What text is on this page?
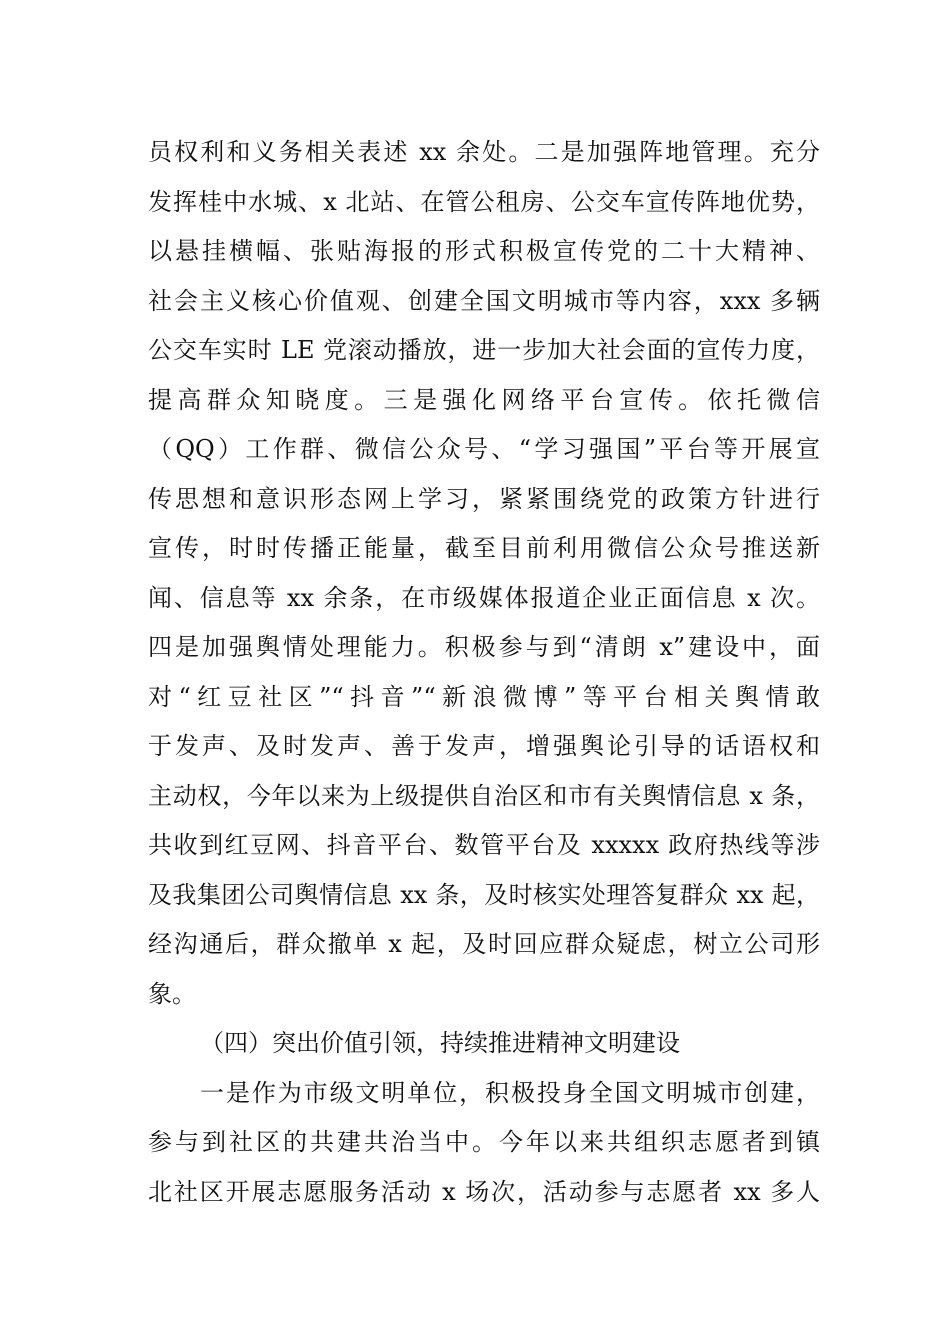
员权利和义务相关表述 xx 余处。二是加强阵地管理。充分
发挥桂中水城、x 北站、在管公租房、公交车宣传阵地优势，
以悬挂横幅、张贴海报的形式积极宣传党的二十大精神、
社会主义核心价值观、创建全国文明城市等内容，xxx 多辆
公交车实时 LE 党滚动播放，进一步加大社会面的宣传力度，
提高群众知晓度。三是强化网络平台宣传。依托微信
（QQ）工作群、微信公众号、“学习强国”平台等开展宣
传思想和意识形态网上学习，紧紧围绕党的政策方针进行
宣传，时时传播正能量，截至目前利用微信公众号推送新
闻、信息等 xx 余条，在市级媒体报道企业正面信息 x 次。
四是加强舆情处理能力。积极参与到“清朗 x”建设中，面
对“红豆社区”“抖音”“新浪微博”等平台相关舆情敢
于发声、及时发声、善于发声，增强舆论引导的话语权和
主动权，今年以来为上级提供自治区和市有关舆情信息 x 条，
共收到红豆网、抖音平台、数管平台及 xxxxx 政府热线等涉
及我集团公司舆情信息 xx 条，及时核实处理答复群众 xx 起，
经沟通后，群众撤单 x 起，及时回应群众疑虑，树立公司形
象。
（四）突出价值引领，持续推进精神文明建设
一是作为市级文明单位，积极投身全国文明城市创建，
参与到社区的共建共治当中。今年以来共组织志愿者到镇
北社区开展志愿服务活动 x 场次，活动参与志愿者 xx 多人
